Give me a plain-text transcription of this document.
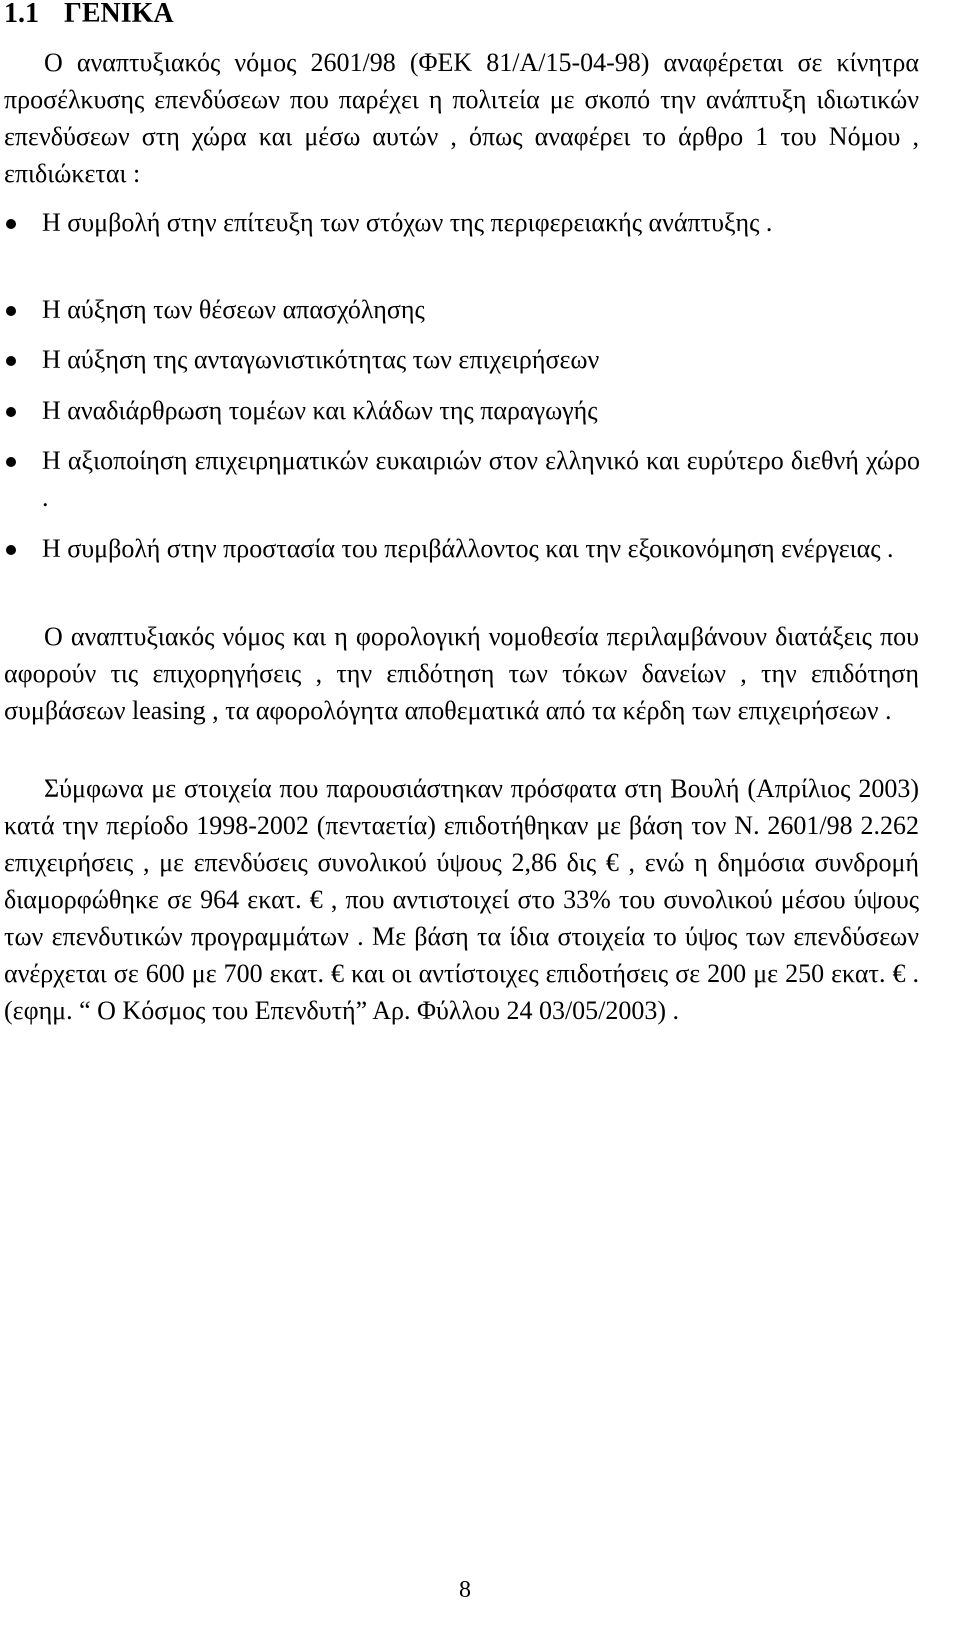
1.1 ΓΕΝΙΚΑ

Ο αναπτυξιακός νόμος 2601/98 (ΦΕΚ 81/Α/15-04-98) αναφέρεται σε κίνητρα προσέλκυσης επενδύσεων που παρέχει η πολιτεία με σκοπό την ανάπτυξη ιδιωτικών επενδύσεων στη χώρα και μέσω αυτών , όπως αναφέρει το άρθρο 1 του Νόμου , επιδιώκεται :

Η συμβολή στην επίτευξη των στόχων της περιφερειακής ανάπτυξης .
Η αύξηση των θέσεων απασχόλησης
Η αύξηση της ανταγωνιστικότητας των επιχειρήσεων
Η αναδιάρθρωση τομέων και κλάδων της παραγωγής
Η αξιοποίηση επιχειρηματικών ευκαιριών στον ελληνικό και ευρύτερο διεθνή χώρο .
Η συμβολή στην προστασία του περιβάλλοντος και την εξοικονόμηση ενέργειας .

Ο αναπτυξιακός νόμος και η φορολογική νομοθεσία περιλαμβάνουν διατάξεις που αφορούν τις επιχορηγήσεις , την επιδότηση των τόκων δανείων , την επιδότηση συμβάσεων leasing , τα αφορολόγητα αποθεματικά από τα κέρδη των επιχειρήσεων .

Σύμφωνα με στοιχεία που παρουσιάστηκαν πρόσφατα στη Βουλή (Απρίλιος 2003) κατά την περίοδο 1998-2002 (πενταετία) επιδοτήθηκαν με βάση τον Ν. 2601/98 2.262 επιχειρήσεις , με επενδύσεις συνολικού ύψους 2,86 δις € , ενώ η δημόσια συνδρομή διαμορφώθηκε σε 964 εκατ. € , που αντιστοιχεί στο 33% του συνολικού μέσου ύψους των επενδυτικών προγραμμάτων . Με βάση τα ίδια στοιχεία το ύψος των επενδύσεων ανέρχεται σε 600 με 700 εκατ. € και οι αντίστοιχες επιδοτήσεις σε 200 με 250 εκατ. € . (εφημ. “ Ο Κόσμος του Επενδυτή” Αρ. Φύλλου 24 03/05/2003) .

8
